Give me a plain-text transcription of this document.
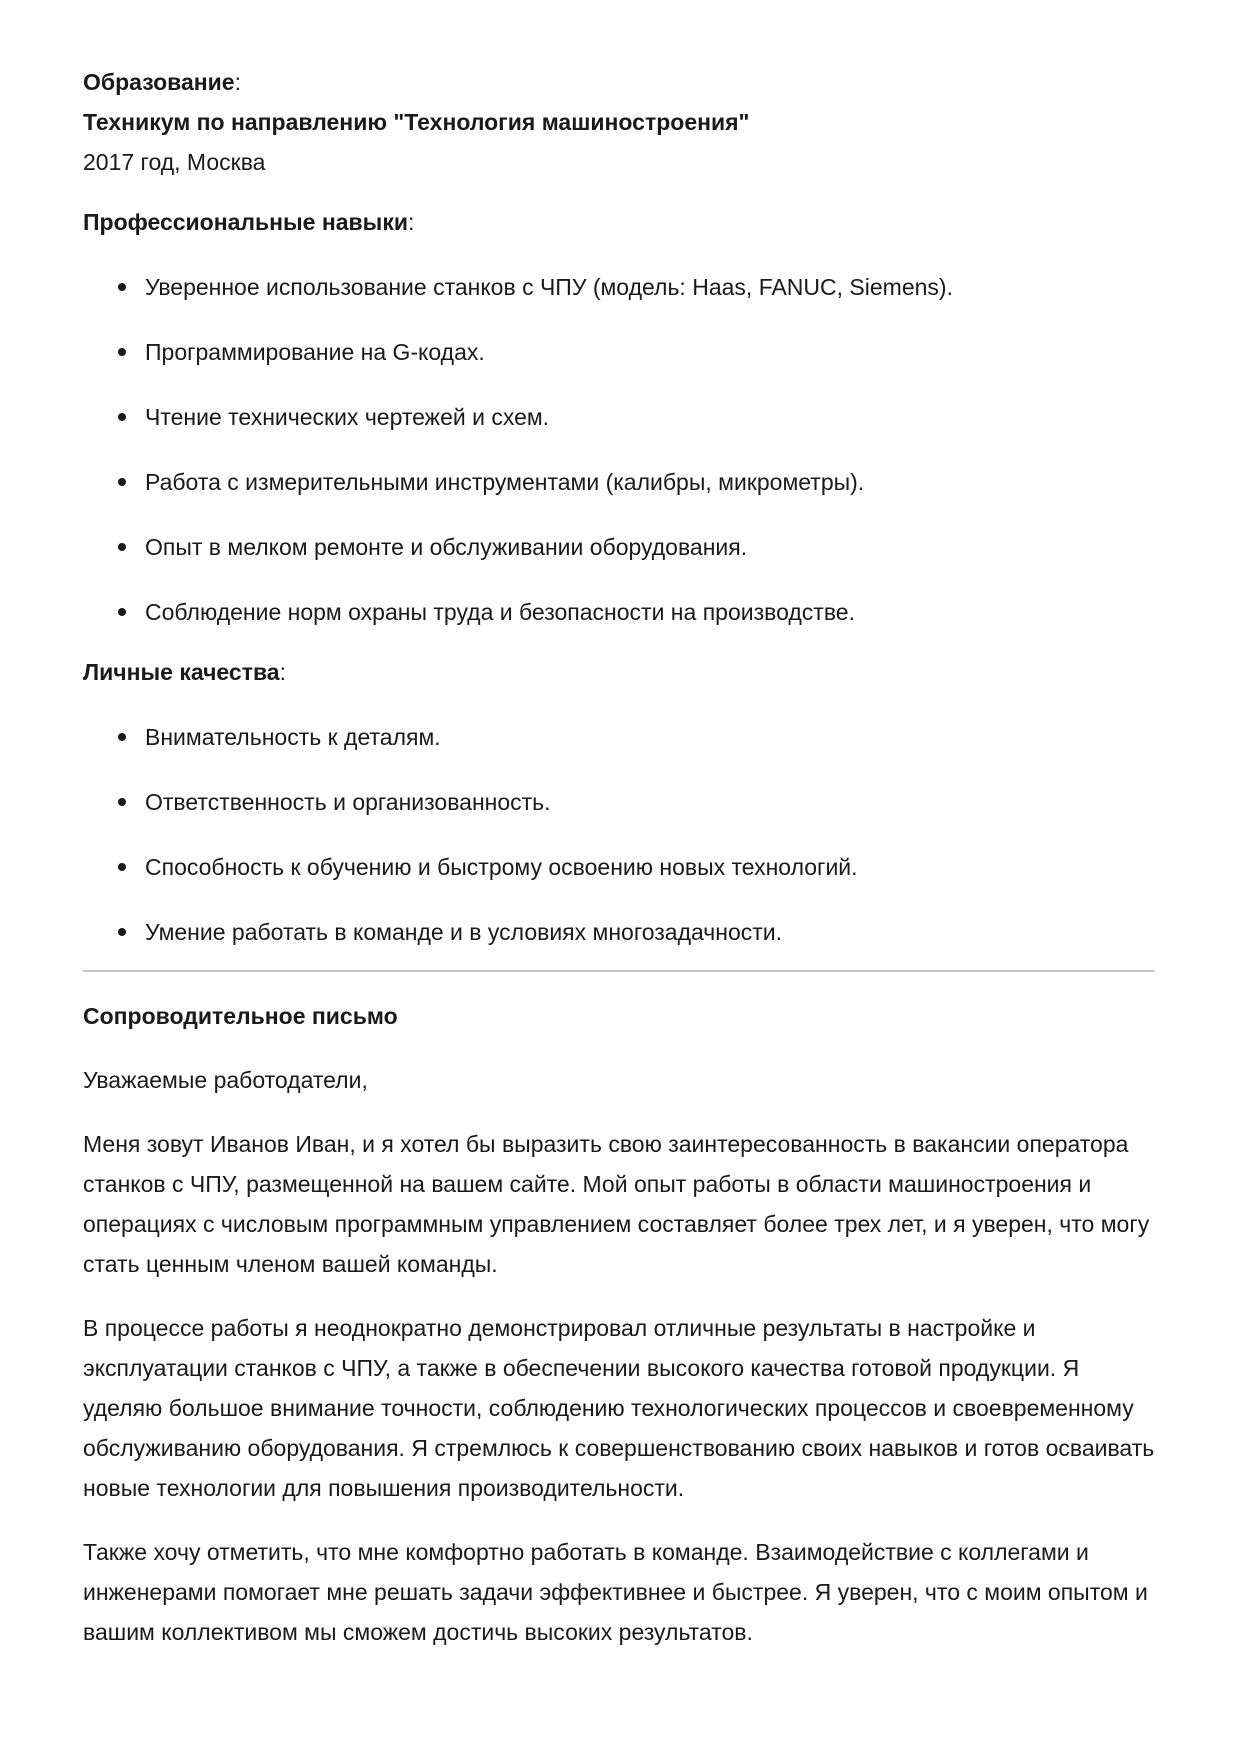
Образование:

Техникум по направлению "Технология машиностроения"

2017 год, Москва

Профессиональные навыки:

Уверенное использование станков с ЧПУ (модель: Haas, FANUC, Siemens).
Программирование на G-кодах.
Чтение технических чертежей и схем.
Работа с измерительными инструментами (калибры, микрометры).
Опыт в мелком ремонте и обслуживании оборудования.
Соблюдение норм охраны труда и безопасности на производстве.

Личные качества:

Внимательность к деталям.
Ответственность и организованность.
Способность к обучению и быстрому освоению новых технологий.
Умение работать в команде и в условиях многозадачности.

Сопроводительное письмо

Уважаемые работодатели,

Меня зовут Иванов Иван, и я хотел бы выразить свою заинтересованность в вакансии оператора станков с ЧПУ, размещенной на вашем сайте. Мой опыт работы в области машиностроения и операциях с числовым программным управлением составляет более трех лет, и я уверен, что могу стать ценным членом вашей команды.

В процессе работы я неоднократно демонстрировал отличные результаты в настройке и эксплуатации станков с ЧПУ, а также в обеспечении высокого качества готовой продукции. Я уделяю большое внимание точности, соблюдению технологических процессов и своевременному обслуживанию оборудования. Я стремлюсь к совершенствованию своих навыков и готов осваивать новые технологии для повышения производительности.

Также хочу отметить, что мне комфортно работать в команде. Взаимодействие с коллегами и инженерами помогает мне решать задачи эффективнее и быстрее. Я уверен, что с моим опытом и вашим коллективом мы сможем достичь высоких результатов.
